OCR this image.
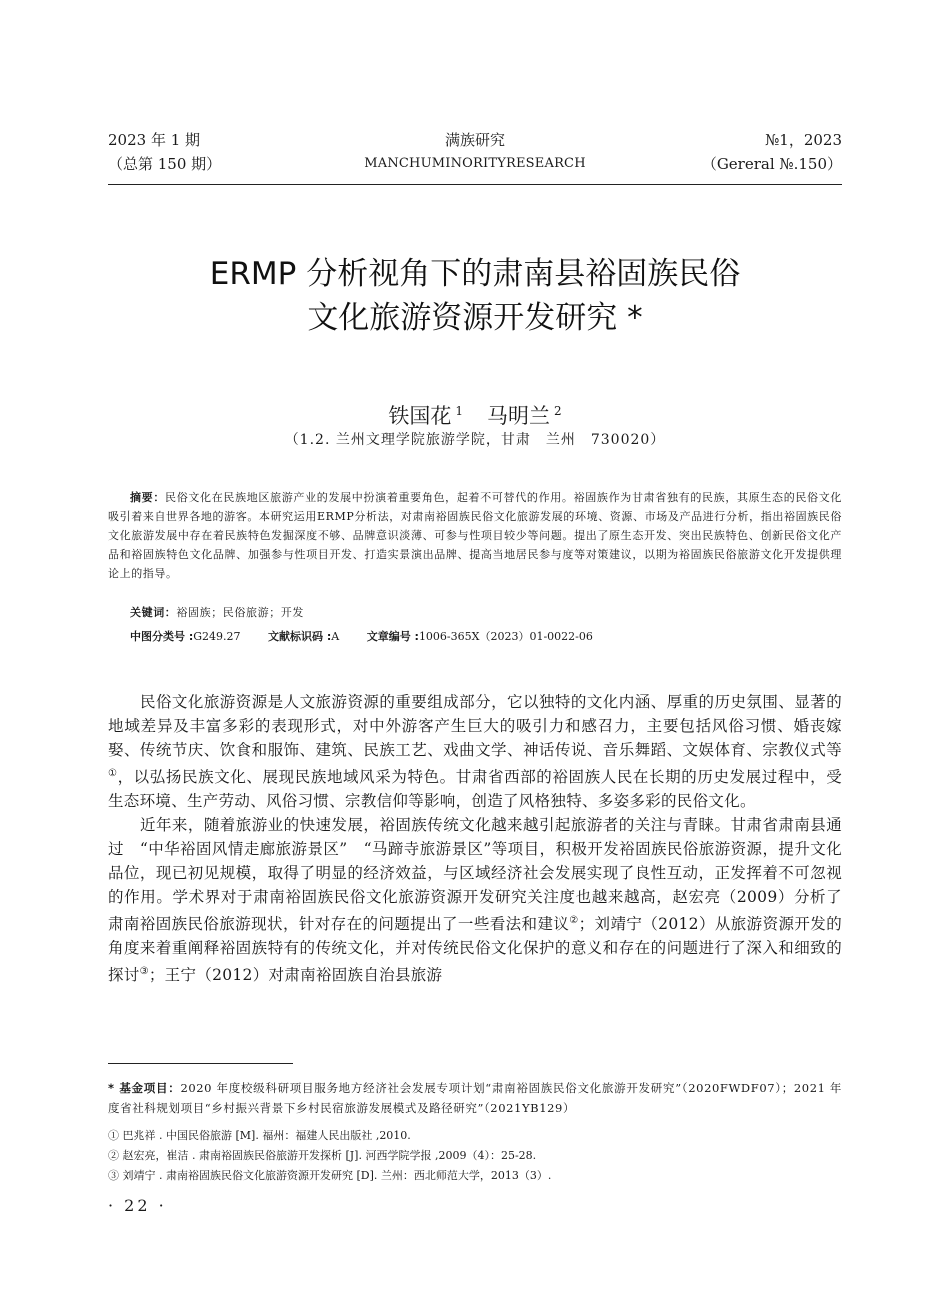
2023 年 1 期
（总第 150 期）
满族研究
MANCHUMINORITYRESEARCH
№1，2023
（Gereral №.150）
ERMP 分析视角下的肃南县裕固族民俗
文化旅游资源开发研究 *
铁国花 $^1$ 马明兰 $^2$
（1.2. 兰州文理学院旅游学院，甘肃　兰州　730020）

摘要：民俗文化在民族地区旅游产业的发展中扮演着重要角色，起着不可替代的作用。裕固族作为甘肃省独有的民族，其原生态的民俗文化吸引着来自世界各地的游客。本研究运用ERMP分析法，对肃南裕固族民俗文化旅游发展的环境、资源、市场及产品进行分析，指出裕固族民俗文化旅游发展中存在着民族特色发掘深度不够、品牌意识淡薄、可参与性项目较少等问题。提出了原生态开发、突出民族特色、创新民俗文化产品和裕固族特色文化品牌、加强参与性项目开发、打造实景演出品牌、提高当地居民参与度等对策建议，以期为裕固族民俗旅游文化开发提供理论上的指导。

关键词：裕固族；民俗旅游；开发
中图分类号 :G249.27	文献标识码 :A	文章编号 :1006-365X（2023）01-0022-06

民俗文化旅游资源是人文旅游资源的重要组成部分，它以独特的文化内涵、厚重的历史氛围、显著的地域差异及丰富多彩的表现形式，对中外游客产生巨大的吸引力和感召力，主要包括风俗习惯、婚丧嫁娶、传统节庆、饮食和服饰、建筑、民族工艺、戏曲文学、神话传说、音乐舞蹈、文娱体育、宗教仪式等①，以弘扬民族文化、展现民族地域风采为特色。甘肃省西部的裕固族人民在长期的历史发展过程中，受生态环境、生产劳动、风俗习惯、宗教信仰等影响，创造了风格独特、多姿多彩的民俗文化。

近年来，随着旅游业的快速发展，裕固族传统文化越来越引起旅游者的关注与青睐。甘肃省肃南县通过　“中华裕固风情走廊旅游景区”　“马蹄寺旅游景区”等项目，积极开发裕固族民俗旅游资源，提升文化品位，现已初见规模，取得了明显的经济效益，与区域经济社会发展实现了良性互动，正发挥着不可忽视的作用。学术界对于肃南裕固族民俗文化旅游资源开发研究关注度也越来越高，赵宏亮（2009）分析了肃南裕固族民俗旅游现状，针对存在的问题提出了一些看法和建议②；刘靖宁（2012）从旅游资源开发的角度来着重阐释裕固族特有的传统文化，并对传统民俗文化保护的意义和存在的问题进行了深入和细致的探讨③；王宁（2012）对肃南裕固族自治县旅游

* 基金项目：2020 年度校级科研项目服务地方经济社会发展专项计划“肃南裕固族民俗文化旅游开发研究”（2020FWDF07）；2021 年度省社科规划项目“乡村振兴背景下乡村民宿旅游发展模式及路径研究”（2021YB129）
① 巴兆祥 . 中国民俗旅游 [M]. 福州：福建人民出版社 ,2010.
② 赵宏亮，崔洁 . 肃南裕固族民俗旅游开发探析 [J]. 河西学院学报 ,2009（4）：25-28.
③ 刘靖宁 . 肃南裕固族民俗文化旅游资源开发研究 [D]. 兰州：西北师范大学，2013（3）.
· 22 ·
